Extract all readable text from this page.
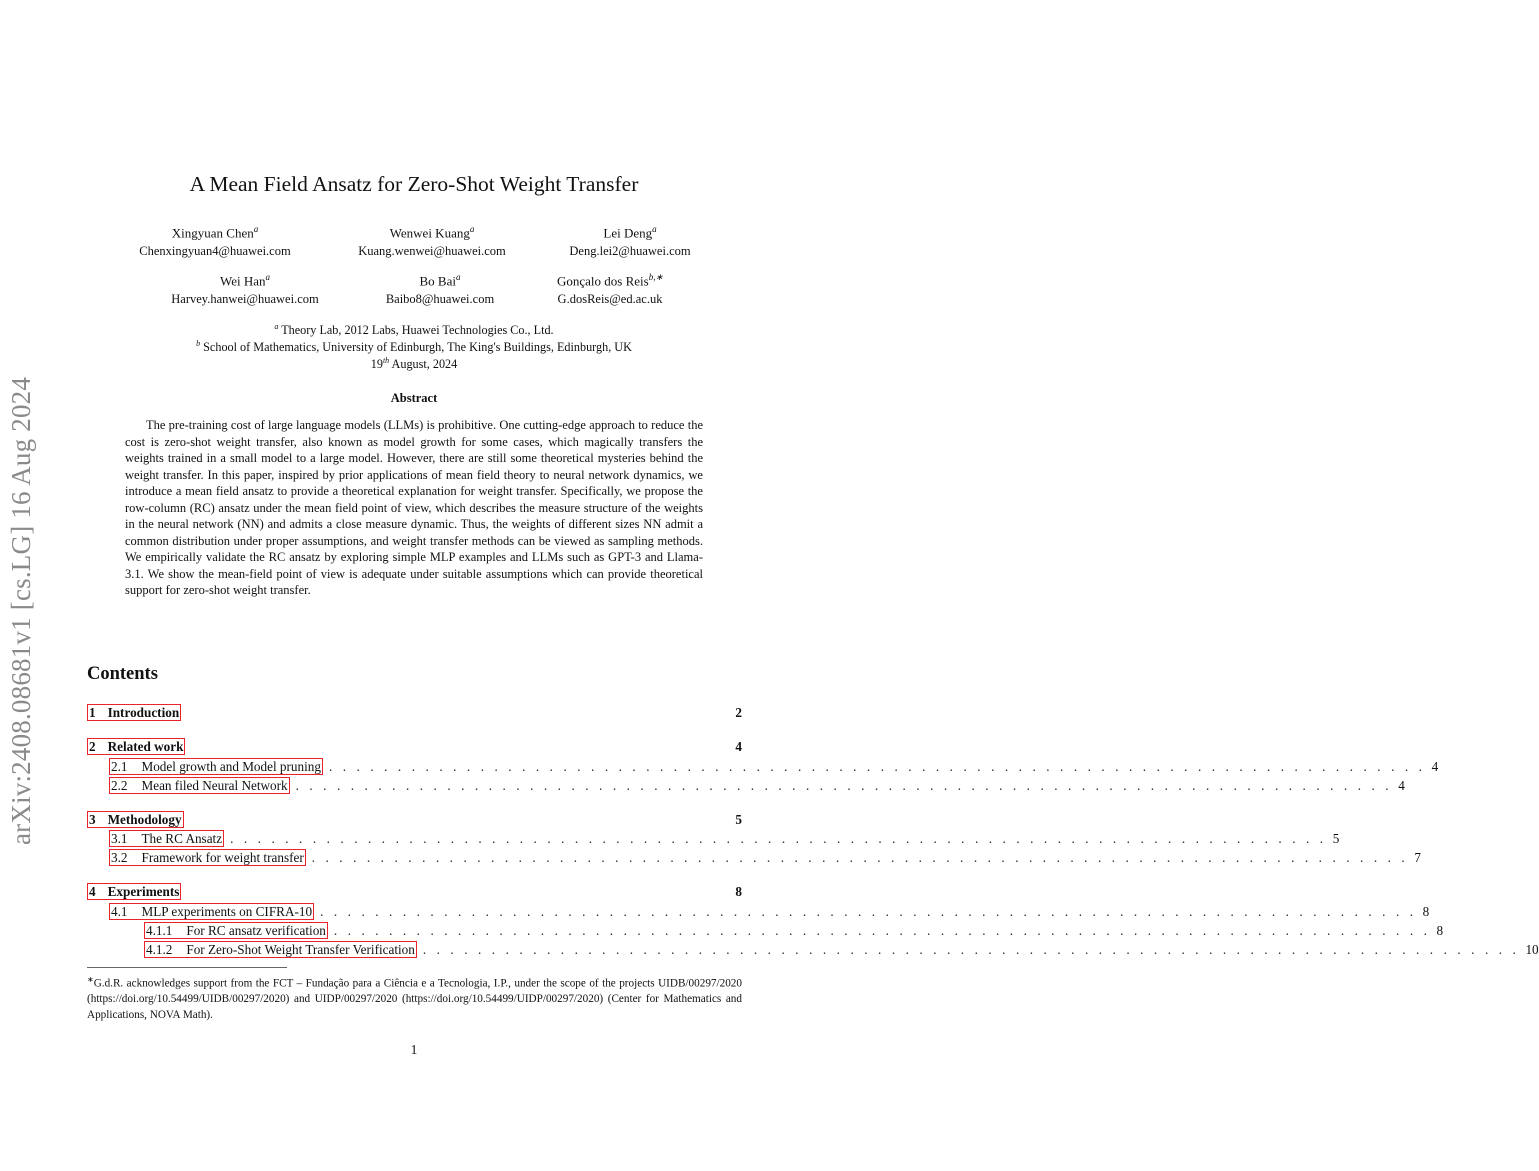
arXiv:2408.08681v1 [cs.LG] 16 Aug 2024
A Mean Field Ansatz for Zero-Shot Weight Transfer
Xingyuan Chen$^a$
Chenxingyuan4@huawei.com
Wenwei Kuang$^a$
Kuang.wenwei@huawei.com
Lei Deng$^a$
Deng.lei2@huawei.com
Wei Han$^a$
Harvey.hanwei@huawei.com
Bo Bai$^a$
Baibo8@huawei.com
Gonçalo dos Reis$^{b,∗}$
G.dosReis@ed.ac.uk
$^a$ Theory Lab, 2012 Labs, Huawei Technologies Co., Ltd.
$^b$ School of Mathematics, University of Edinburgh, The King's Buildings, Edinburgh, UK
19th August, 2024
Abstract
The pre-training cost of large language models (LLMs) is prohibitive. One cutting-edge approach to reduce the cost is zero-shot weight transfer, also known as model growth for some cases, which magically transfers the weights trained in a small model to a large model. However, there are still some theoretical mysteries behind the weight transfer. In this paper, inspired by prior applications of mean field theory to neural network dynamics, we introduce a mean field ansatz to provide a theoretical explanation for weight transfer. Specifically, we propose the row-column (RC) ansatz under the mean field point of view, which describes the measure structure of the weights in the neural network (NN) and admits a close measure dynamic. Thus, the weights of different sizes NN admit a common distribution under proper assumptions, and weight transfer methods can be viewed as sampling methods. We empirically validate the RC ansatz by exploring simple MLP examples and LLMs such as GPT-3 and Llama-3.1. We show the mean-field point of view is adequate under suitable assumptions which can provide theoretical support for zero-shot weight transfer.
Contents
1 Introduction	2
2 Related work	4
2.1 Model growth and Model pruning . . . . . . . . . . . . . . . . . . . . . . . . . . . . . . . . . . . . . . . . . . . . . . . . . . . . . . . . . . . . . . . . . . . . . . . . . . . . . . . . 4
2.2 Mean filed Neural Network . . . . . . . . . . . . . . . . . . . . . . . . . . . . . . . . . . . . . . . . . . . . . . . . . . . . . . . . . . . . . . . . . . . . . . . . . . . . . . . . 4
3 Methodology	5
3.1 The RC Ansatz . . . . . . . . . . . . . . . . . . . . . . . . . . . . . . . . . . . . . . . . . . . . . . . . . . . . . . . . . . . . . . . . . . . . . . . . . . . . . . . . 5
3.2 Framework for weight transfer . . . . . . . . . . . . . . . . . . . . . . . . . . . . . . . . . . . . . . . . . . . . . . . . . . . . . . . . . . . . . . . . . . . . . . . . . . . . . . . . 7
4 Experiments	8
4.1 MLP experiments on CIFRA-10 . . . . . . . . . . . . . . . . . . . . . . . . . . . . . . . . . . . . . . . . . . . . . . . . . . . . . . . . . . . . . . . . . . . . . . . . . . . . . . . . 8
4.1.1 For RC ansatz verification . . . . . . . . . . . . . . . . . . . . . . . . . . . . . . . . . . . . . . . . . . . . . . . . . . . . . . . . . . . . . . . . . . . . . . . . . . . . . . . . 8
4.1.2 For Zero-Shot Weight Transfer Verification . . . . . . . . . . . . . . . . . . . . . . . . . . . . . . . . . . . . . . . . . . . . . . . . . . . . . . . . . . . . . . . . . . . . . . . . . . . . . . . . 10
∗G.d.R. acknowledges support from the FCT – Fundação para a Ciência e a Tecnologia, I.P., under the scope of the projects UIDB/00297/2020 (https://doi.org/10.54499/UIDB/00297/2020) and UIDP/00297/2020 (https://doi.org/10.54499/UIDP/00297/2020) (Center for Mathematics and Applications, NOVA Math).
1
